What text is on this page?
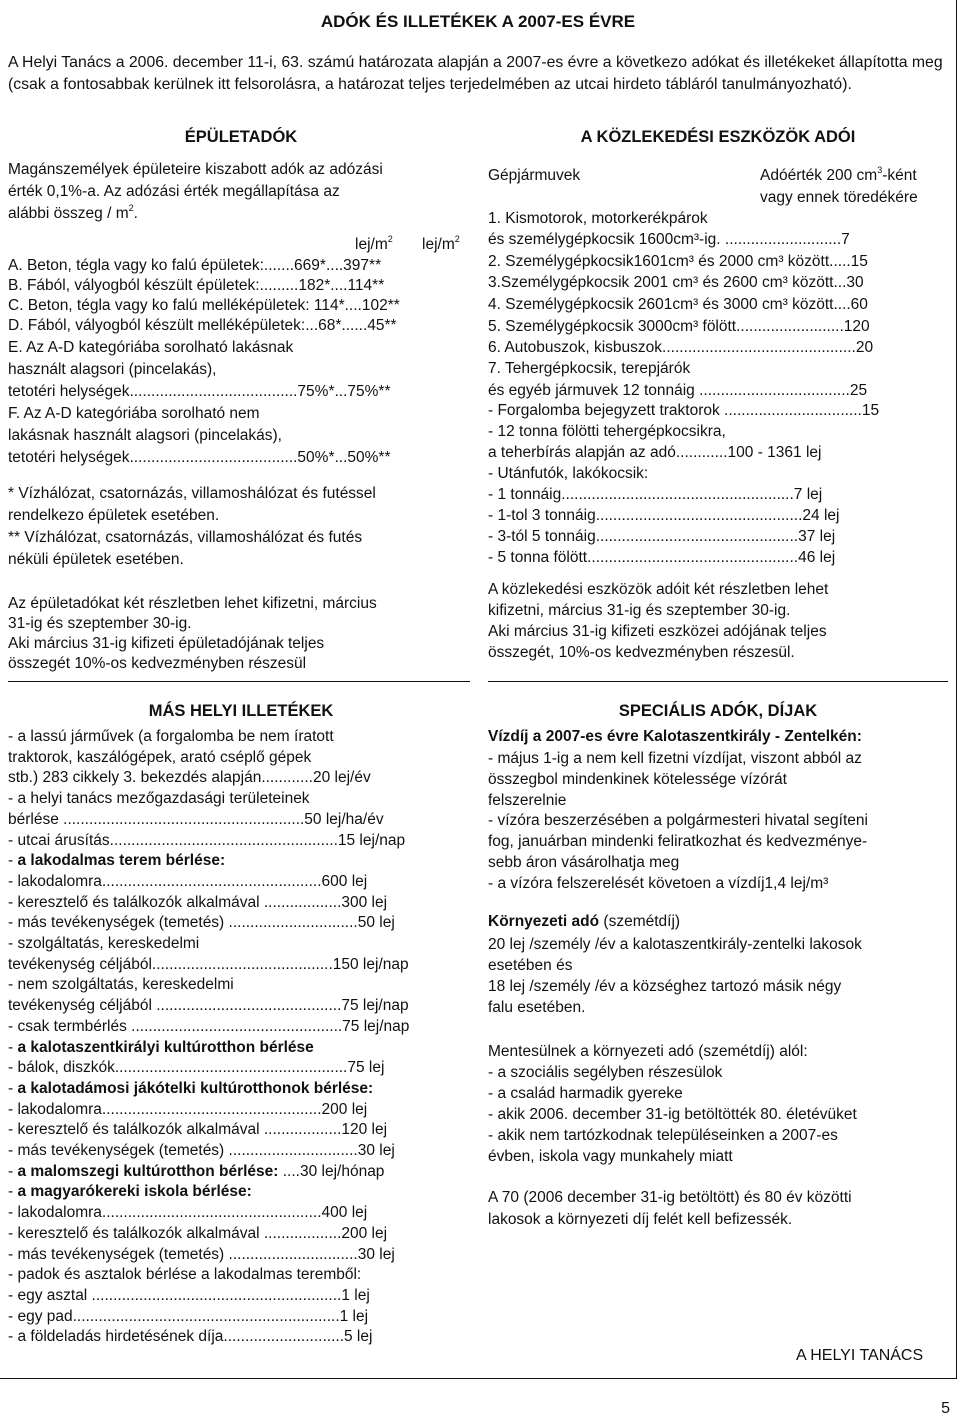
ADÓK ÉS ILLETÉKEK A 2007-ES ÉVRE
A Helyi Tanács a 2006. december 11-i, 63. számú határozata alapján a 2007-es évre a következo adókat és illetékeket állapította meg (csak a fontosabbak kerülnek itt felsorolásra, a határozat teljes terjedelmében az utcai hirdeto tábláról tanulmányozható).
ÉPÜLETADÓK
Magánszemélyek épületeire kiszabott adók az adózási
érték 0,1%-a. Az adózási érték megállapítása az
alábbi összeg / $m^2$.
lej/$m^2$ lej/$m^2$
A. Beton, tégla vagy ko falú épületek:.......669*....397**
B. Fából, vályogból készült épületek:.........182*....114**
C. Beton, tégla vagy ko falú melléképületek: 114*....102**
D. Fából, vályogból készült melléképületek:...68*......45**
E. Az A-D kategóriába sorolható lakásnak
használt alagsori (pincelakás),
tetotéri helységek.......................................75%*...75%**
F. Az A-D kategóriába sorolható nem
lakásnak használt alagsori (pincelakás),
tetotéri helységek.......................................50%*...50%**
* Vízhálózat, csatornázás, villamoshálózat és futéssel
rendelkezo épületek esetében.
** Vízhálózat, csatornázás, villamoshálózat és futés
néküli épületek esetében.
Az épületadókat két részletben lehet kifizetni, március
31-ig és szeptember 30-ig.
Aki március 31-ig kifizeti épületadójának teljes
összegét 10%-os kedvezményben részesül
A KÖZLEKEDÉSI ESZKÖZÖK ADÓI
Gépjármuvek	Adóérték 200 $cm^3$-ként
vagy ennek töredékére
1. Kismotorok, motorkerékpárok
és személygépkocsik 1600cm³-ig. ...........................7
2. Személygépkocsik1601cm³ és 2000 cm³ között.....15
3.Személygépkocsik 2001 cm³ és 2600 cm³ között...30
4. Személygépkocsik 2601cm³ és 3000 cm³ között....60
5. Személygépkocsik 3000cm³ fölött.........................120
6. Autobuszok, kisbuszok.............................................20
7. Tehergépkocsik, terepjárók
és egyéb jármuvek 12 tonnáig ...................................25
- Forgalomba bejegyzett traktorok ................................15
- 12 tonna fölötti tehergépkocsikra,
a teherbírás alapján az adó............100 - 1361 lej
- Utánfutók, lakókocsik:
- 1 tonnáig......................................................7 lej
- 1-tol 3 tonnáig................................................24 lej
- 3-tól 5 tonnáig...............................................37 lej
- 5 tonna fölött.................................................46 lej
A közlekedési eszközök adóit két részletben lehet
kifizetni, március 31-ig és szeptember 30-ig.
Aki március 31-ig kifizeti eszközei adójának teljes
összegét, 10%-os kedvezményben részesül.
MÁS HELYI ILLETÉKEK
- a lassú járművek (a forgalomba be nem íratott
traktorok, kaszálógépek, arató cséplő gépek
stb.) 283 cikkely 3. bekezdés alapján............20 lej/év
- a helyi tanács mezőgazdasági területeinek
bérlése ........................................................50 lej/ha/év
- utcai árusítás.....................................................15 lej/nap
- a lakodalmas terem bérlése:
- lakodalomra...................................................600 lej
- keresztelő és találkozók alkalmával ..................300 lej
- más tevékenységek (temetés) ..............................50 lej
- szolgáltatás, kereskedelmi
tevékenység céljából..........................................150 lej/nap
- nem szolgáltatás, kereskedelmi
tevékenység céljából ...........................................75 lej/nap
- csak termbérlés .................................................75 lej/nap
- a kalotaszentkirályi kultúrotthon bérlése
- bálok, diszkók......................................................75 lej
- a kalotadámosi jákótelki kultúrotthonok bérlése:
- lakodalomra...................................................200 lej
- keresztelő és találkozók alkalmával ..................120 lej
- más tevékenységek (temetés) ..............................30 lej
- a malomszegi kultúrotthon bérlése: ....30 lej/hónap
- a magyarókereki iskola bérlése:
- lakodalomra...................................................400 lej
- keresztelő és találkozók alkalmával ..................200 lej
- más tevékenységek (temetés) ..............................30 lej
- padok és asztalok bérlése a lakodalmas teremből:
- egy asztal ..........................................................1 lej
- egy pad..............................................................1 lej
- a földeladás hirdetésének díja............................5 lej
SPECIÁLIS ADÓK, DÍJAK
Vízdíj a 2007-es évre Kalotaszentkirály - Zentelkén:
- május 1-ig a nem kell fizetni vízdíjat, viszont abból az
összegbol mindenkinek kötelessége vízórát
felszerelnie
- vízóra beszerzésében a polgármesteri hivatal segíteni
fog, januárban mindenki feliratkozhat és kedvezménye-
sebb áron vásárolhatja meg
- a vízóra felszerelését követoen a vízdíj1,4 lej/m³
Környezeti adó (szemétdíj)
20 lej /személy /év a kalotaszentkirály-zentelki lakosok
esetében és
18 lej /személy /év a községhez tartozó másik négy
falu esetében.
Mentesülnek a környezeti adó (szemétdíj) alól:
- a szociális segélyben részesülok
- a család harmadik gyereke
- akik 2006. december 31-ig betöltötték 80. életévüket
- akik nem tartózkodnak településeinken a 2007-es
évben, iskola vagy munkahely miatt
A 70 (2006 december 31-ig betöltött) és 80 év közötti
lakosok a környezeti díj felét kell befizessék.
A HELYI TANÁCS
5
